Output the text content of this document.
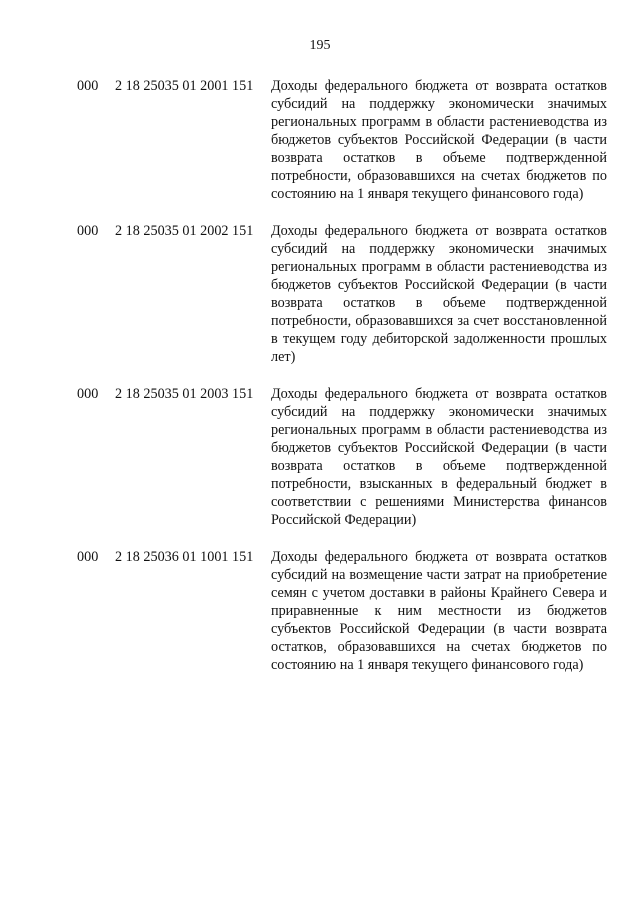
195
000 2 18 25035 01 2001 151 Доходы федерального бюджета от возврата остатков субсидий на поддержку экономически значимых региональных программ в области растениеводства из бюджетов субъектов Российской Федерации (в части возврата остатков в объеме подтвержденной потребности, образовавшихся на счетах бюджетов по состоянию на 1 января текущего финансового года)
000 2 18 25035 01 2002 151 Доходы федерального бюджета от возврата остатков субсидий на поддержку экономически значимых региональных программ в области растениеводства из бюджетов субъектов Российской Федерации (в части возврата остатков в объеме подтвержденной потребности, образовавшихся за счет восстановленной в текущем году дебиторской задолженности прошлых лет)
000 2 18 25035 01 2003 151 Доходы федерального бюджета от возврата остатков субсидий на поддержку экономически значимых региональных программ в области растениеводства из бюджетов субъектов Российской Федерации (в части возврата остатков в объеме подтвержденной потребности, взысканных в федеральный бюджет в соответствии с решениями Министерства финансов Российской Федерации)
000 2 18 25036 01 1001 151 Доходы федерального бюджета от возврата остатков субсидий на возмещение части затрат на приобретение семян с учетом доставки в районы Крайнего Севера и приравненные к ним местности из бюджетов субъектов Российской Федерации (в части возврата остатков, образовавшихся на счетах бюджетов по состоянию на 1 января текущего финансового года)
